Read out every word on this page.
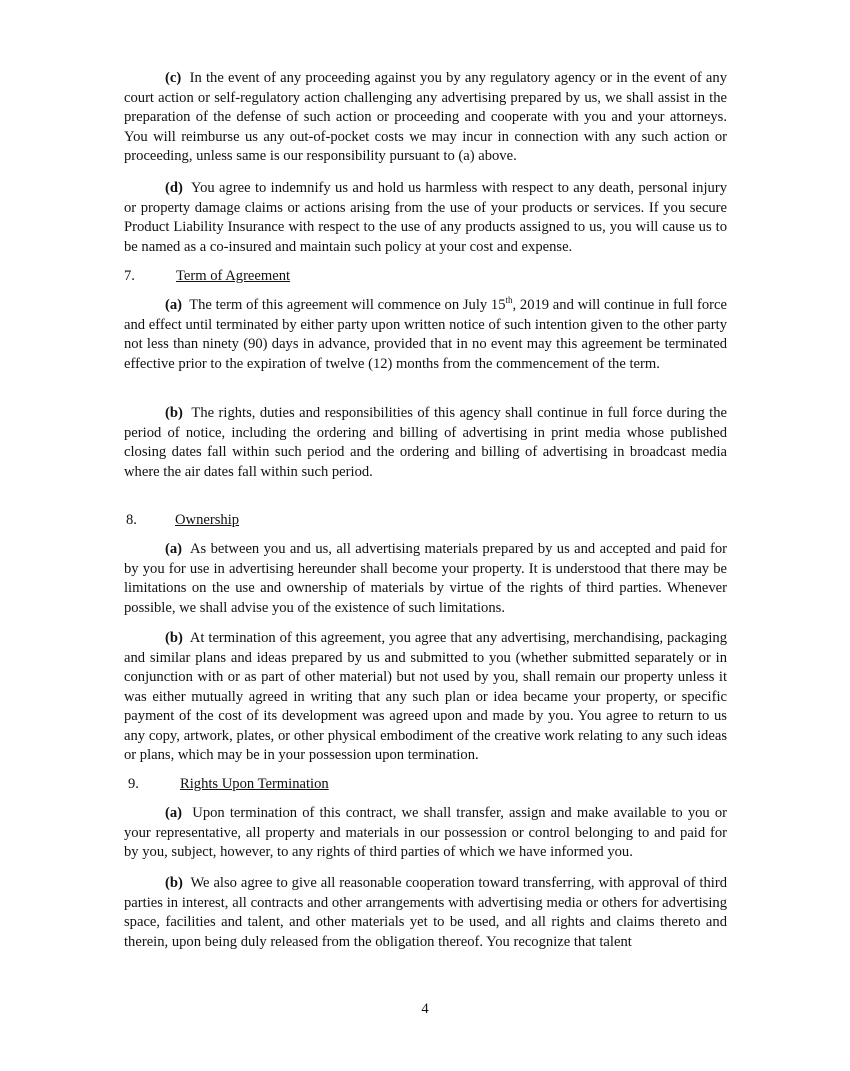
(c) In the event of any proceeding against you by any regulatory agency or in the event of any court action or self-regulatory action challenging any advertising prepared by us, we shall assist in the preparation of the defense of such action or proceeding and cooperate with you and your attorneys. You will reimburse us any out-of-pocket costs we may incur in connection with any such action or proceeding, unless same is our responsibility pursuant to (a) above.

(d) You agree to indemnify us and hold us harmless with respect to any death, personal injury or property damage claims or actions arising from the use of your products or services. If you secure Product Liability Insurance with respect to the use of any products assigned to us, you will cause us to be named as a co-insured and maintain such policy at your cost and expense.

7.	Term of Agreement

(a) The term of this agreement will commence on July 15th, 2019 and will continue in full force and effect until terminated by either party upon written notice of such intention given to the other party not less than ninety (90) days in advance, provided that in no event may this agreement be terminated effective prior to the expiration of twelve (12) months from the commencement of the term.

(b) The rights, duties and responsibilities of this agency shall continue in full force during the period of notice, including the ordering and billing of advertising in print media whose published closing dates fall within such period and the ordering and billing of advertising in broadcast media where the air dates fall within such period.

8.	Ownership

(a) As between you and us, all advertising materials prepared by us and accepted and paid for by you for use in advertising hereunder shall become your property. It is understood that there may be limitations on the use and ownership of materials by virtue of the rights of third parties. Whenever possible, we shall advise you of the existence of such limitations.

(b) At termination of this agreement, you agree that any advertising, merchandising, packaging and similar plans and ideas prepared by us and submitted to you (whether submitted separately or in conjunction with or as part of other material) but not used by you, shall remain our property unless it was either mutually agreed in writing that any such plan or idea became your property, or specific payment of the cost of its development was agreed upon and made by you. You agree to return to us any copy, artwork, plates, or other physical embodiment of the creative work relating to any such ideas or plans, which may be in your possession upon termination.

9.	Rights Upon Termination

(a) Upon termination of this contract, we shall transfer, assign and make available to you or your representative, all property and materials in our possession or control belonging to and paid for by you, subject, however, to any rights of third parties of which we have informed you.

(b) We also agree to give all reasonable cooperation toward transferring, with approval of third parties in interest, all contracts and other arrangements with advertising media or others for advertising space, facilities and talent, and other materials yet to be used, and all rights and claims thereto and therein, upon being duly released from the obligation thereof. You recognize that talent

4
